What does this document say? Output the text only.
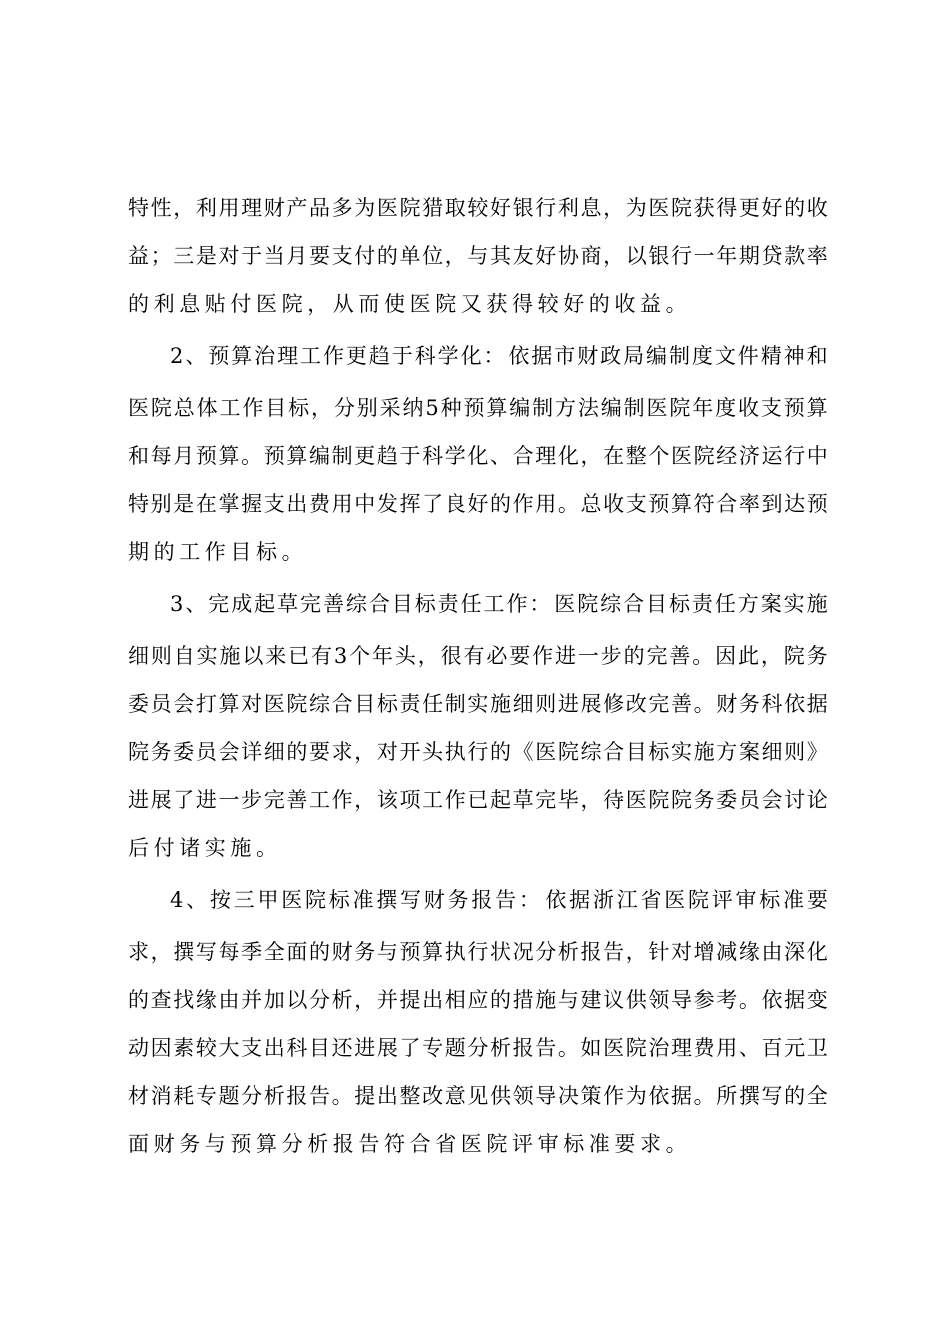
特 性 ， 利 用 理 财 产 品 多 为 医 院 猎 取 较 好 银 行 利 息 ， 为 医 院 获 得 更 好 的 收
益 ； 三 是 对 于 当 月 要 支 付 的 单 位 ， 与 其 友 好 协 商 ， 以 银 行 一 年 期 贷 款 率
的利息贴付医院，从而使医院又获得较好的收益。
2 、 预 算 治 理 工 作 更 趋 于 科 学 化 ： 依 据 市 财 政 局 编 制 度 文 件 精 神 和
医 院 总 体 工 作 目 标 ， 分 别 采 纳 5 种 预 算 编 制 方 法 编 制 医 院 年 度 收 支 预 算
和 每 月 预 算 。 预 算 编 制 更 趋 于 科 学 化 、 合 理 化 ， 在 整 个 医 院 经 济 运 行 中
特 别 是 在 掌 握 支 出 费 用 中 发 挥 了 良 好 的 作 用 。 总 收 支 预 算 符 合 率 到 达 预
期的工作目标。
3 、 完 成 起 草 完 善 综 合 目 标 责 任 工 作 ： 医 院 综 合 目 标 责 任 方 案 实 施
细 则 自 实 施 以 来 已 有 3 个 年 头 ， 很 有 必 要 作 进 一 步 的 完 善 。 因 此 ， 院 务
委 员 会 打 算 对 医 院 综 合 目 标 责 任 制 实 施 细 则 进 展 修 改 完 善 。 财 务 科 依 据
院 务 委 员 会 详 细 的 要 求 ， 对 开 头 执 行 的 《 医 院 综 合 目 标 实 施 方 案 细 则 》
进 展 了 进 一 步 完 善 工 作 ， 该 项 工 作 已 起 草 完 毕 ， 待 医 院 院 务 委 员 会 讨 论
后付诸实施。
4 、 按 三 甲 医 院 标 准 撰 写 财 务 报 告 ： 依 据 浙 江 省 医 院 评 审 标 准 要
求 ， 撰 写 每 季 全 面 的 财 务 与 预 算 执 行 状 况 分 析 报 告 ， 针 对 增 减 缘 由 深 化
的 查 找 缘 由 并 加 以 分 析 ， 并 提 出 相 应 的 措 施 与 建 议 供 领 导 参 考 。 依 据 变
动 因 素 较 大 支 出 科 目 还 进 展 了 专 题 分 析 报 告 。 如 医 院 治 理 费 用 、 百 元 卫
材 消 耗 专 题 分 析 报 告 。 提 出 整 改 意 见 供 领 导 决 策 作 为 依 据 。 所 撰 写 的 全
面财务与预算分析报告符合省医院评审标准要求。
